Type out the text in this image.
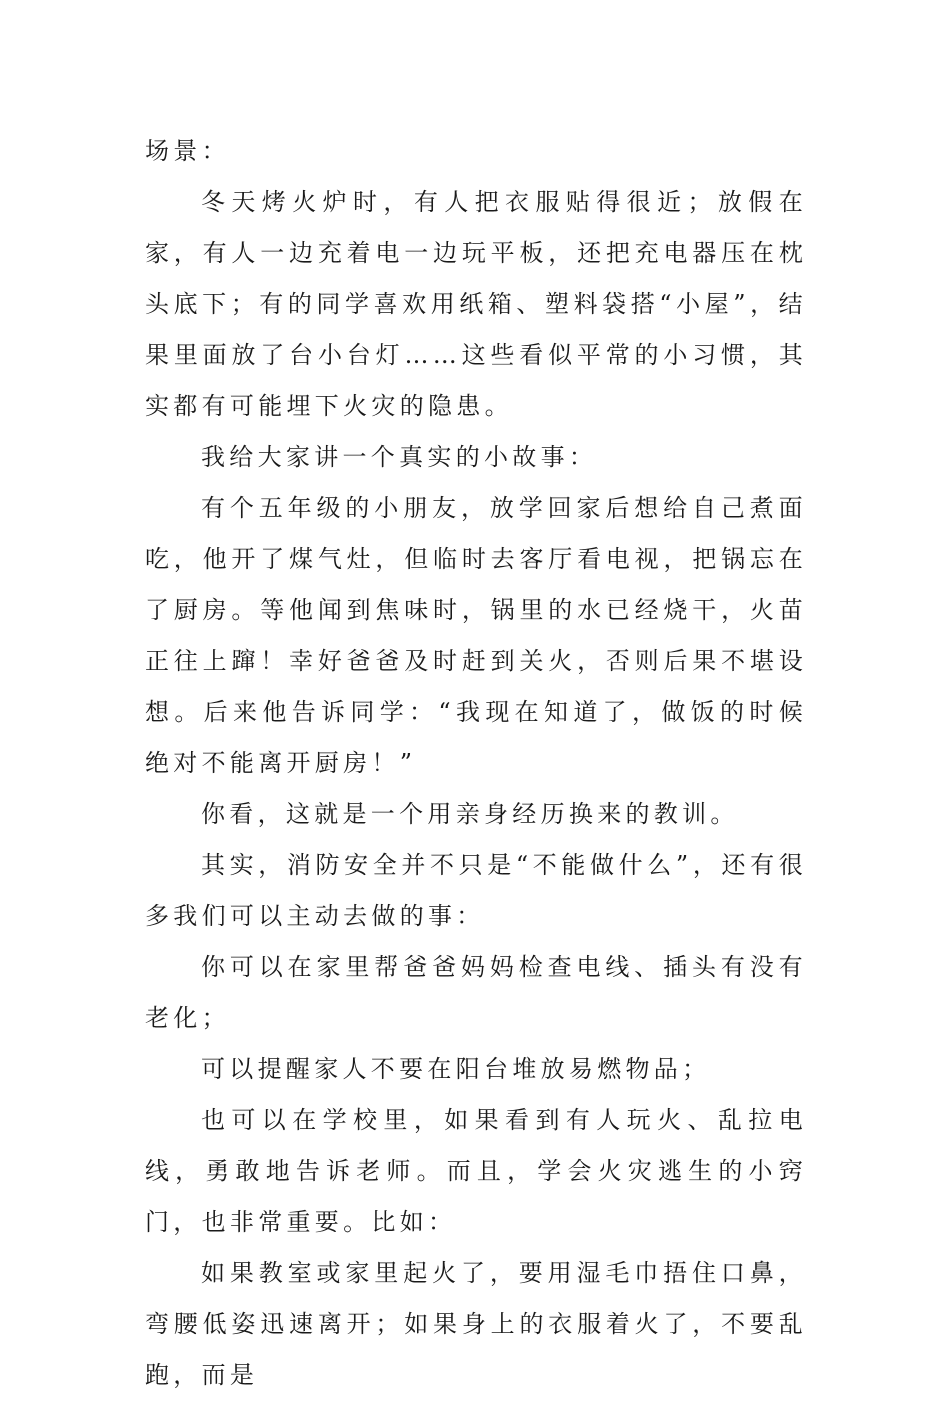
场景：

冬天烤火炉时，有人把衣服贴得很近；放假在家，有人一边充着电一边玩平板，还把充电器压在枕头底下；有的同学喜欢用纸箱、塑料袋搭“小屋”，结果里面放了台小台灯……这些看似平常的小习惯，其实都有可能埋下火灾的隐患。

我给大家讲一个真实的小故事：

有个五年级的小朋友，放学回家后想给自己煮面吃，他开了煤气灶，但临时去客厅看电视，把锅忘在了厨房。等他闻到焦味时，锅里的水已经烧干，火苗正往上蹿！幸好爸爸及时赶到关火，否则后果不堪设想。后来他告诉同学：“我现在知道了，做饭的时候绝对不能离开厨房！”

你看，这就是一个用亲身经历换来的教训。

其实，消防安全并不只是“不能做什么”，还有很多我们可以主动去做的事：

你可以在家里帮爸爸妈妈检查电线、插头有没有老化；

可以提醒家人不要在阳台堆放易燃物品；

也可以在学校里，如果看到有人玩火、乱拉电线，勇敢地告诉老师。而且，学会火灾逃生的小窍门，也非常重要。比如：

如果教室或家里起火了，要用湿毛巾捂住口鼻，弯腰低姿迅速离开；如果身上的衣服着火了，不要乱跑，而是
